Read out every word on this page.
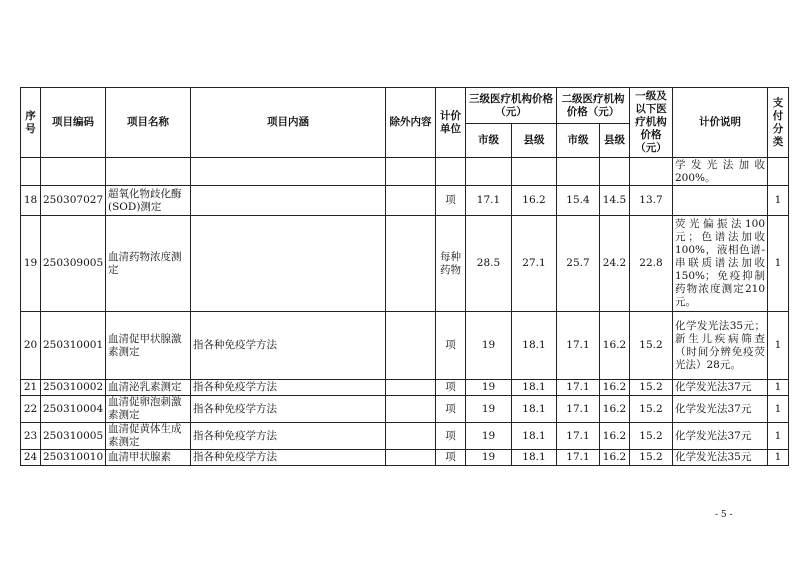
序号	项目编码	项目名称	项目内涵	除外内容	计价单位	三级医疗机构价格（元）		二级医疗机构价格（元）		一级及以下医疗机构价格（元）	计价说明	支付分类
						市级	县级	市级	县级			
											学发光法加收200%。	
18	250307027	超氧化物歧化酶(SOD)测定			项	17.1	16.2	15.4	14.5	13.7		1
19	250309005	血清药物浓度测定			每种药物	28.5	27.1	25.7	24.2	22.8	荧光偏振法100元；色谱法加收100%，液相色谱-串联质谱法加收150%；免疫抑制药物浓度测定210元。	1
20	250310001	血清促甲状腺激素测定	指各种免疫学方法		项	19	18.1	17.1	16.2	15.2	化学发光法35元；新生儿疾病筛查（时间分辨免疫荧光法）28元。	1
21	250310002	血清泌乳素测定	指各种免疫学方法		项	19	18.1	17.1	16.2	15.2	化学发光法37元	1
22	250310004	血清促卵泡刺激素测定	指各种免疫学方法		项	19	18.1	17.1	16.2	15.2	化学发光法37元	1
23	250310005	血清促黄体生成素测定	指各种免疫学方法		项	19	18.1	17.1	16.2	15.2	化学发光法37元	1
24	250310010	血清甲状腺素	指各种免疫学方法		项	19	18.1	17.1	16.2	15.2	化学发光法35元	1
- 5 -
